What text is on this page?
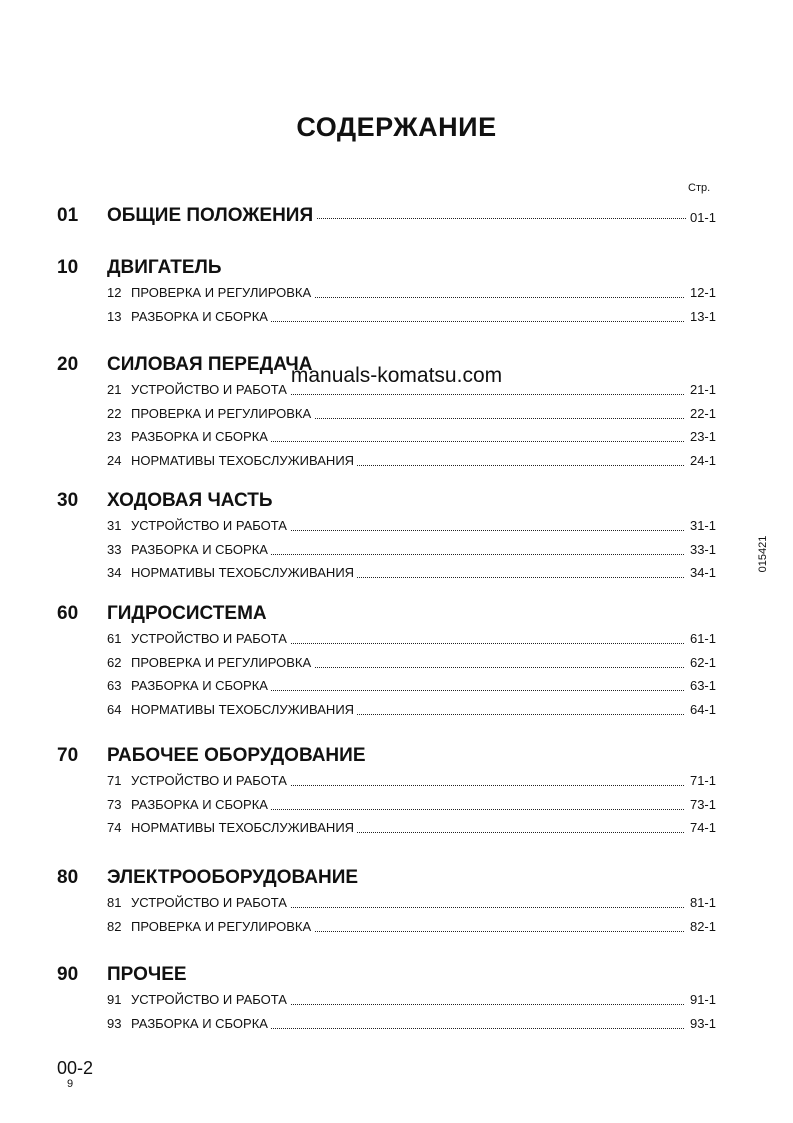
СОДЕРЖАНИЕ
Стр.
01 ОБЩИЕ ПОЛОЖЕНИЯ	01-1
10 ДВИГАТЕЛЬ
12 ПРОВЕРКА И РЕГУЛИРОВКА	12-1
13 РАЗБОРКА И СБОРКА	13-1
20 СИЛОВАЯ ПЕРЕДАЧА
21 УСТРОЙСТВО И РАБОТА	21-1
22 ПРОВЕРКА И РЕГУЛИРОВКА	22-1
23 РАЗБОРКА И СБОРКА	23-1
24 НОРМАТИВЫ ТЕХОБСЛУЖИВАНИЯ	24-1
30 ХОДОВАЯ ЧАСТЬ
31 УСТРОЙСТВО И РАБОТА	31-1
33 РАЗБОРКА И СБОРКА	33-1
34 НОРМАТИВЫ ТЕХОБСЛУЖИВАНИЯ	34-1
60 ГИДРОСИСТЕМА
61 УСТРОЙСТВО И РАБОТА	61-1
62 ПРОВЕРКА И РЕГУЛИРОВКА	62-1
63 РАЗБОРКА И СБОРКА	63-1
64 НОРМАТИВЫ ТЕХОБСЛУЖИВАНИЯ	64-1
70 РАБОЧЕЕ ОБОРУДОВАНИЕ
71 УСТРОЙСТВО И РАБОТА	71-1
73 РАЗБОРКА И СБОРКА	73-1
74 НОРМАТИВЫ ТЕХОБСЛУЖИВАНИЯ	74-1
80 ЭЛЕКТРООБОРУДОВАНИЕ
81 УСТРОЙСТВО И РАБОТА	81-1
82 ПРОВЕРКА И РЕГУЛИРОВКА	82-1
90 ПРОЧЕЕ
91 УСТРОЙСТВО И РАБОТА	91-1
93 РАЗБОРКА И СБОРКА	93-1
manuals-komatsu.com
015421
00-2
9
